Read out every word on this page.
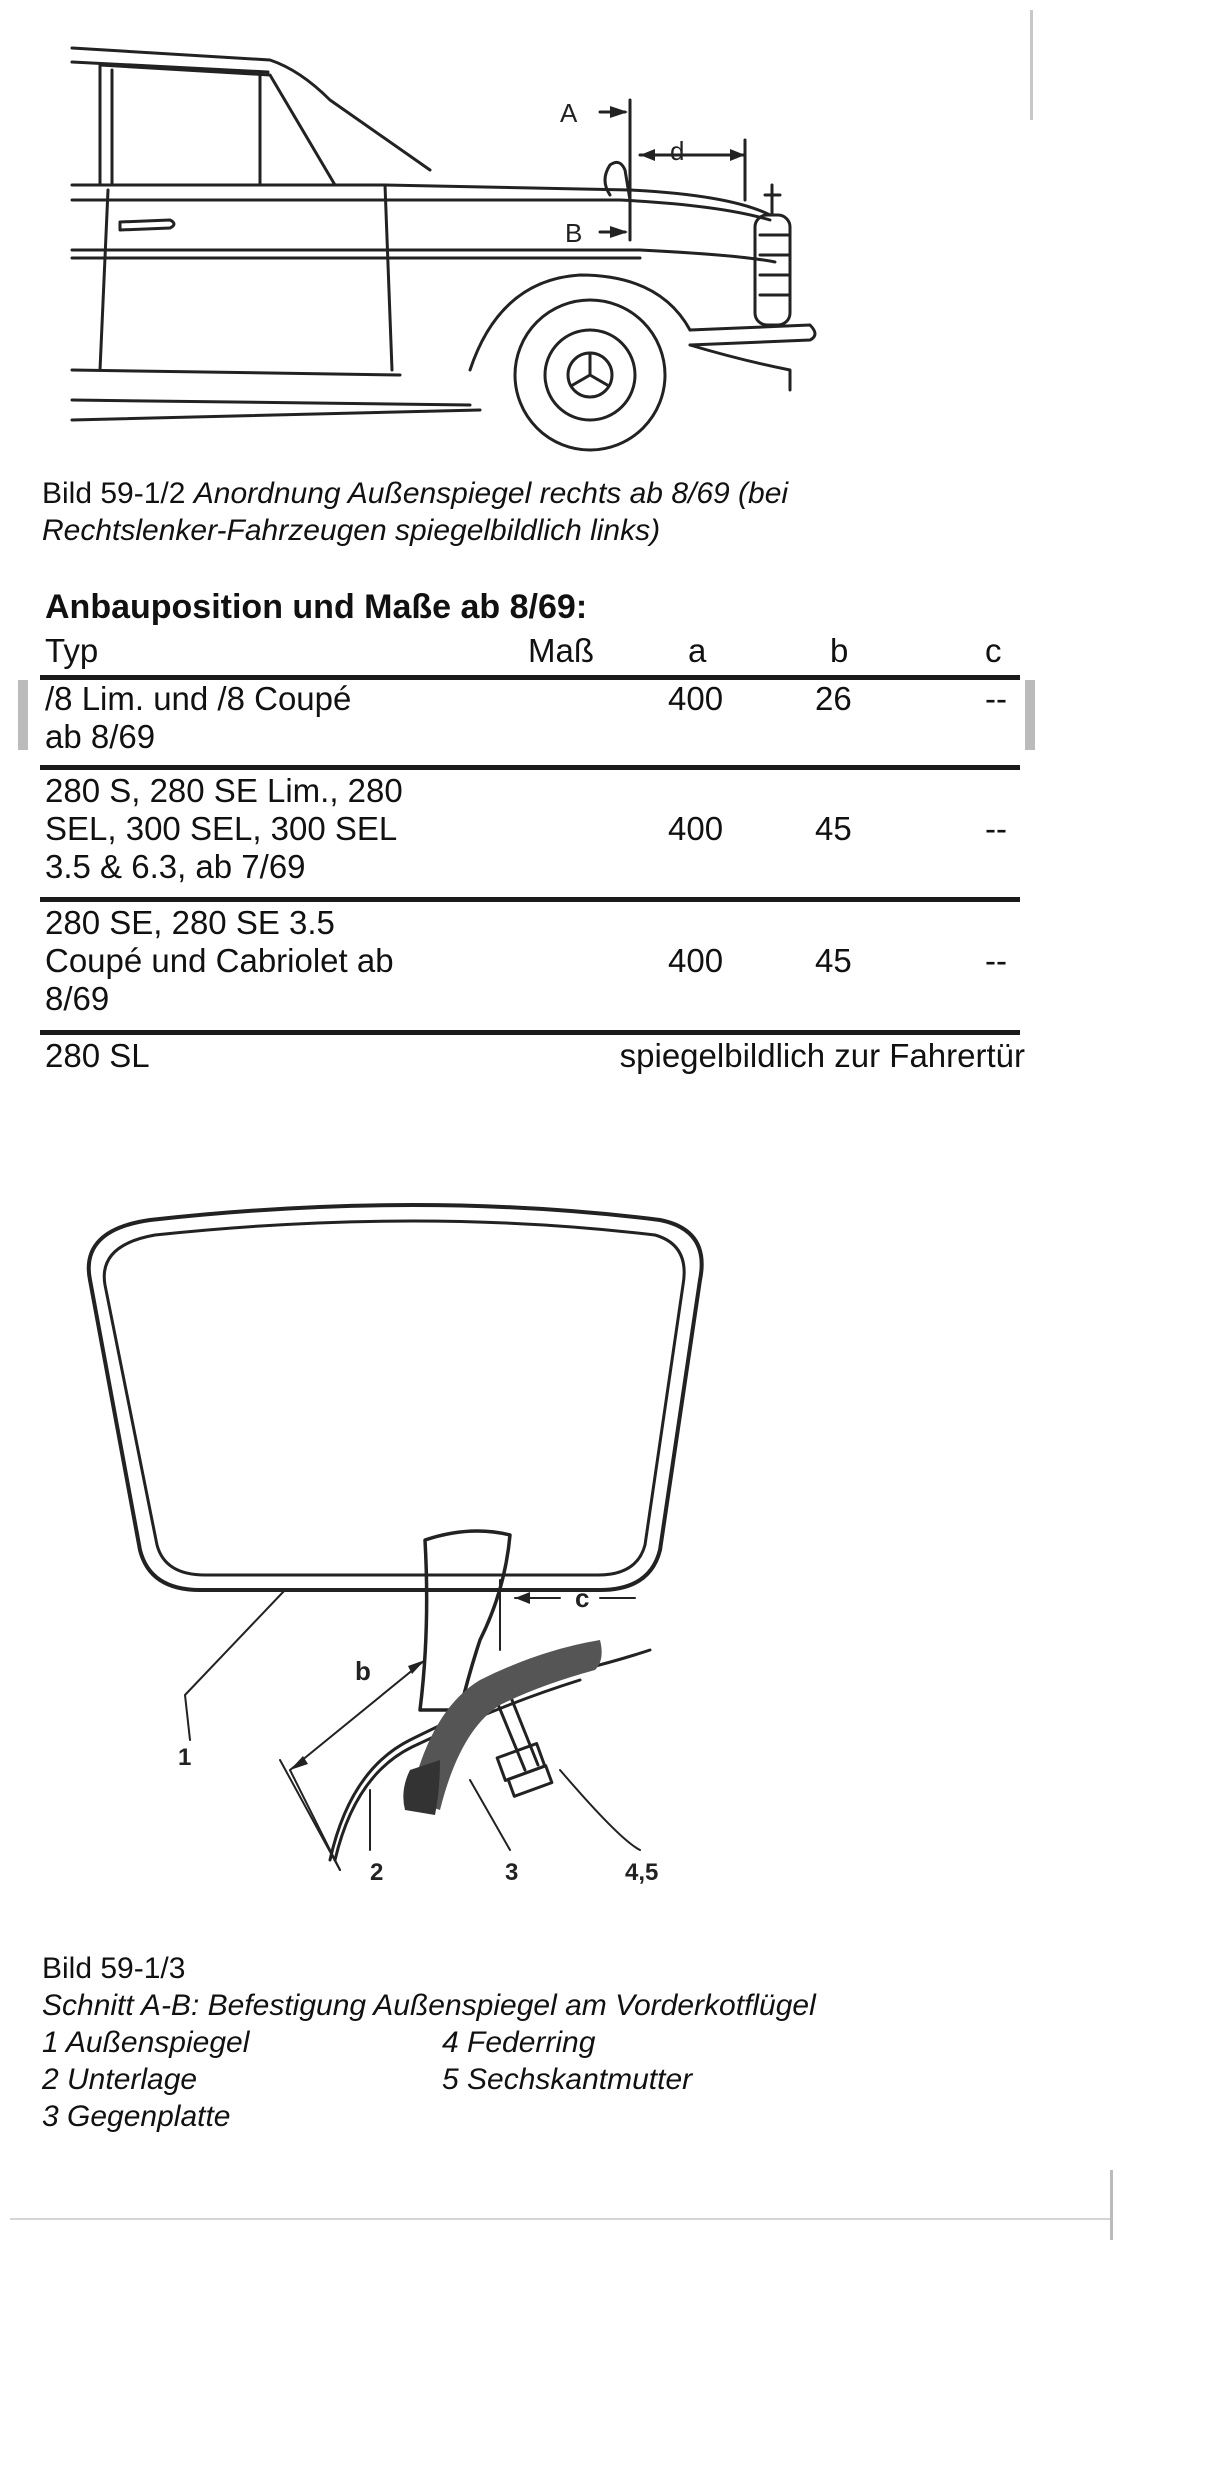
A
B
d
Bild 59-1/2 Anordnung Außenspiegel rechts ab 8/69 (bei
Rechtslenker-Fahrzeugen spiegelbildlich links)
Anbauposition und Maße ab 8/69:
Typ	Maß	a	b	c
/8 Lim. und /8 Coupé
ab 8/69
400	26	--
280 S, 280 SE Lim., 280
SEL, 300 SEL, 300 SEL
3.5 & 6.3, ab 7/69
400	45	--
280 SE, 280 SE 3.5
Coupé und Cabriolet ab
8/69
400	45	--
280 SL	spiegelbildlich zur Fahrertür
b
c
1
2	3	4,5
Bild 59-1/3
Schnitt A-B: Befestigung Außenspiegel am Vorderkotflügel
1 Außenspiegel
2 Unterlage
3 Gegenplatte
4 Federring
5 Sechskantmutter
